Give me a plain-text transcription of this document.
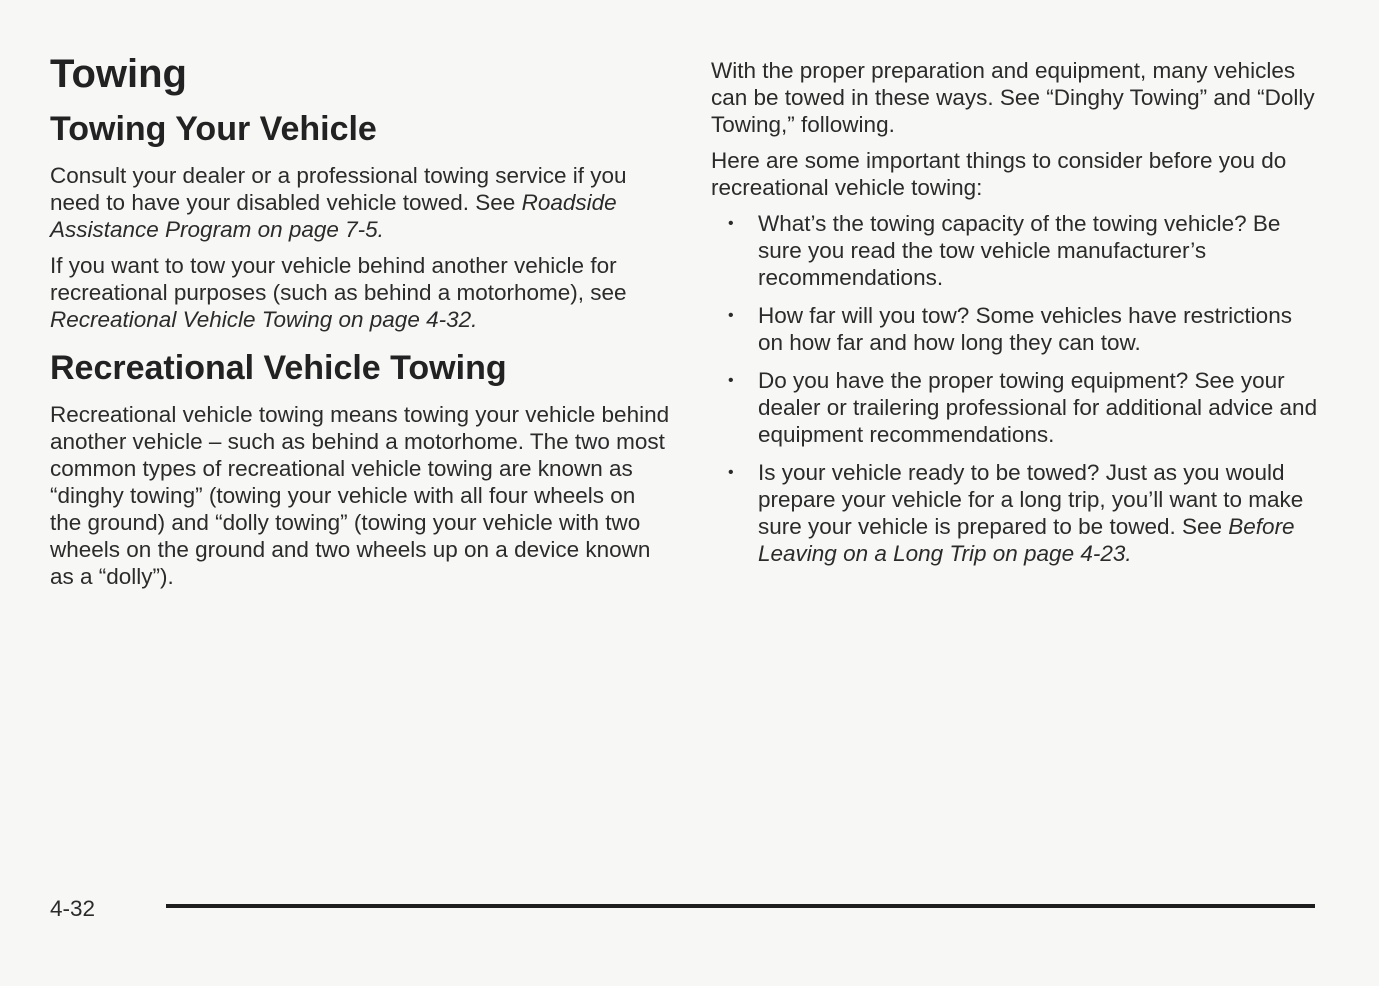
Towing
Towing Your Vehicle

Consult your dealer or a professional towing service if you need to have your disabled vehicle towed. See Roadside Assistance Program on page 7-5.

If you want to tow your vehicle behind another vehicle for recreational purposes (such as behind a motorhome), see Recreational Vehicle Towing on page 4-32.

Recreational Vehicle Towing

Recreational vehicle towing means towing your vehicle behind another vehicle – such as behind a motorhome. The two most common types of recreational vehicle towing are known as “dinghy towing” (towing your vehicle with all four wheels on the ground) and “dolly towing” (towing your vehicle with two wheels on the ground and two wheels up on a device known as a “dolly”).

With the proper preparation and equipment, many vehicles can be towed in these ways. See “Dinghy Towing” and “Dolly Towing,” following.

Here are some important things to consider before you do recreational vehicle towing:

• What’s the towing capacity of the towing vehicle? Be sure you read the tow vehicle manufacturer’s recommendations.
• How far will you tow? Some vehicles have restrictions on how far and how long they can tow.
• Do you have the proper towing equipment? See your dealer or trailering professional for additional advice and equipment recommendations.
• Is your vehicle ready to be towed? Just as you would prepare your vehicle for a long trip, you’ll want to make sure your vehicle is prepared to be towed. See Before Leaving on a Long Trip on page 4-23.
4-32
